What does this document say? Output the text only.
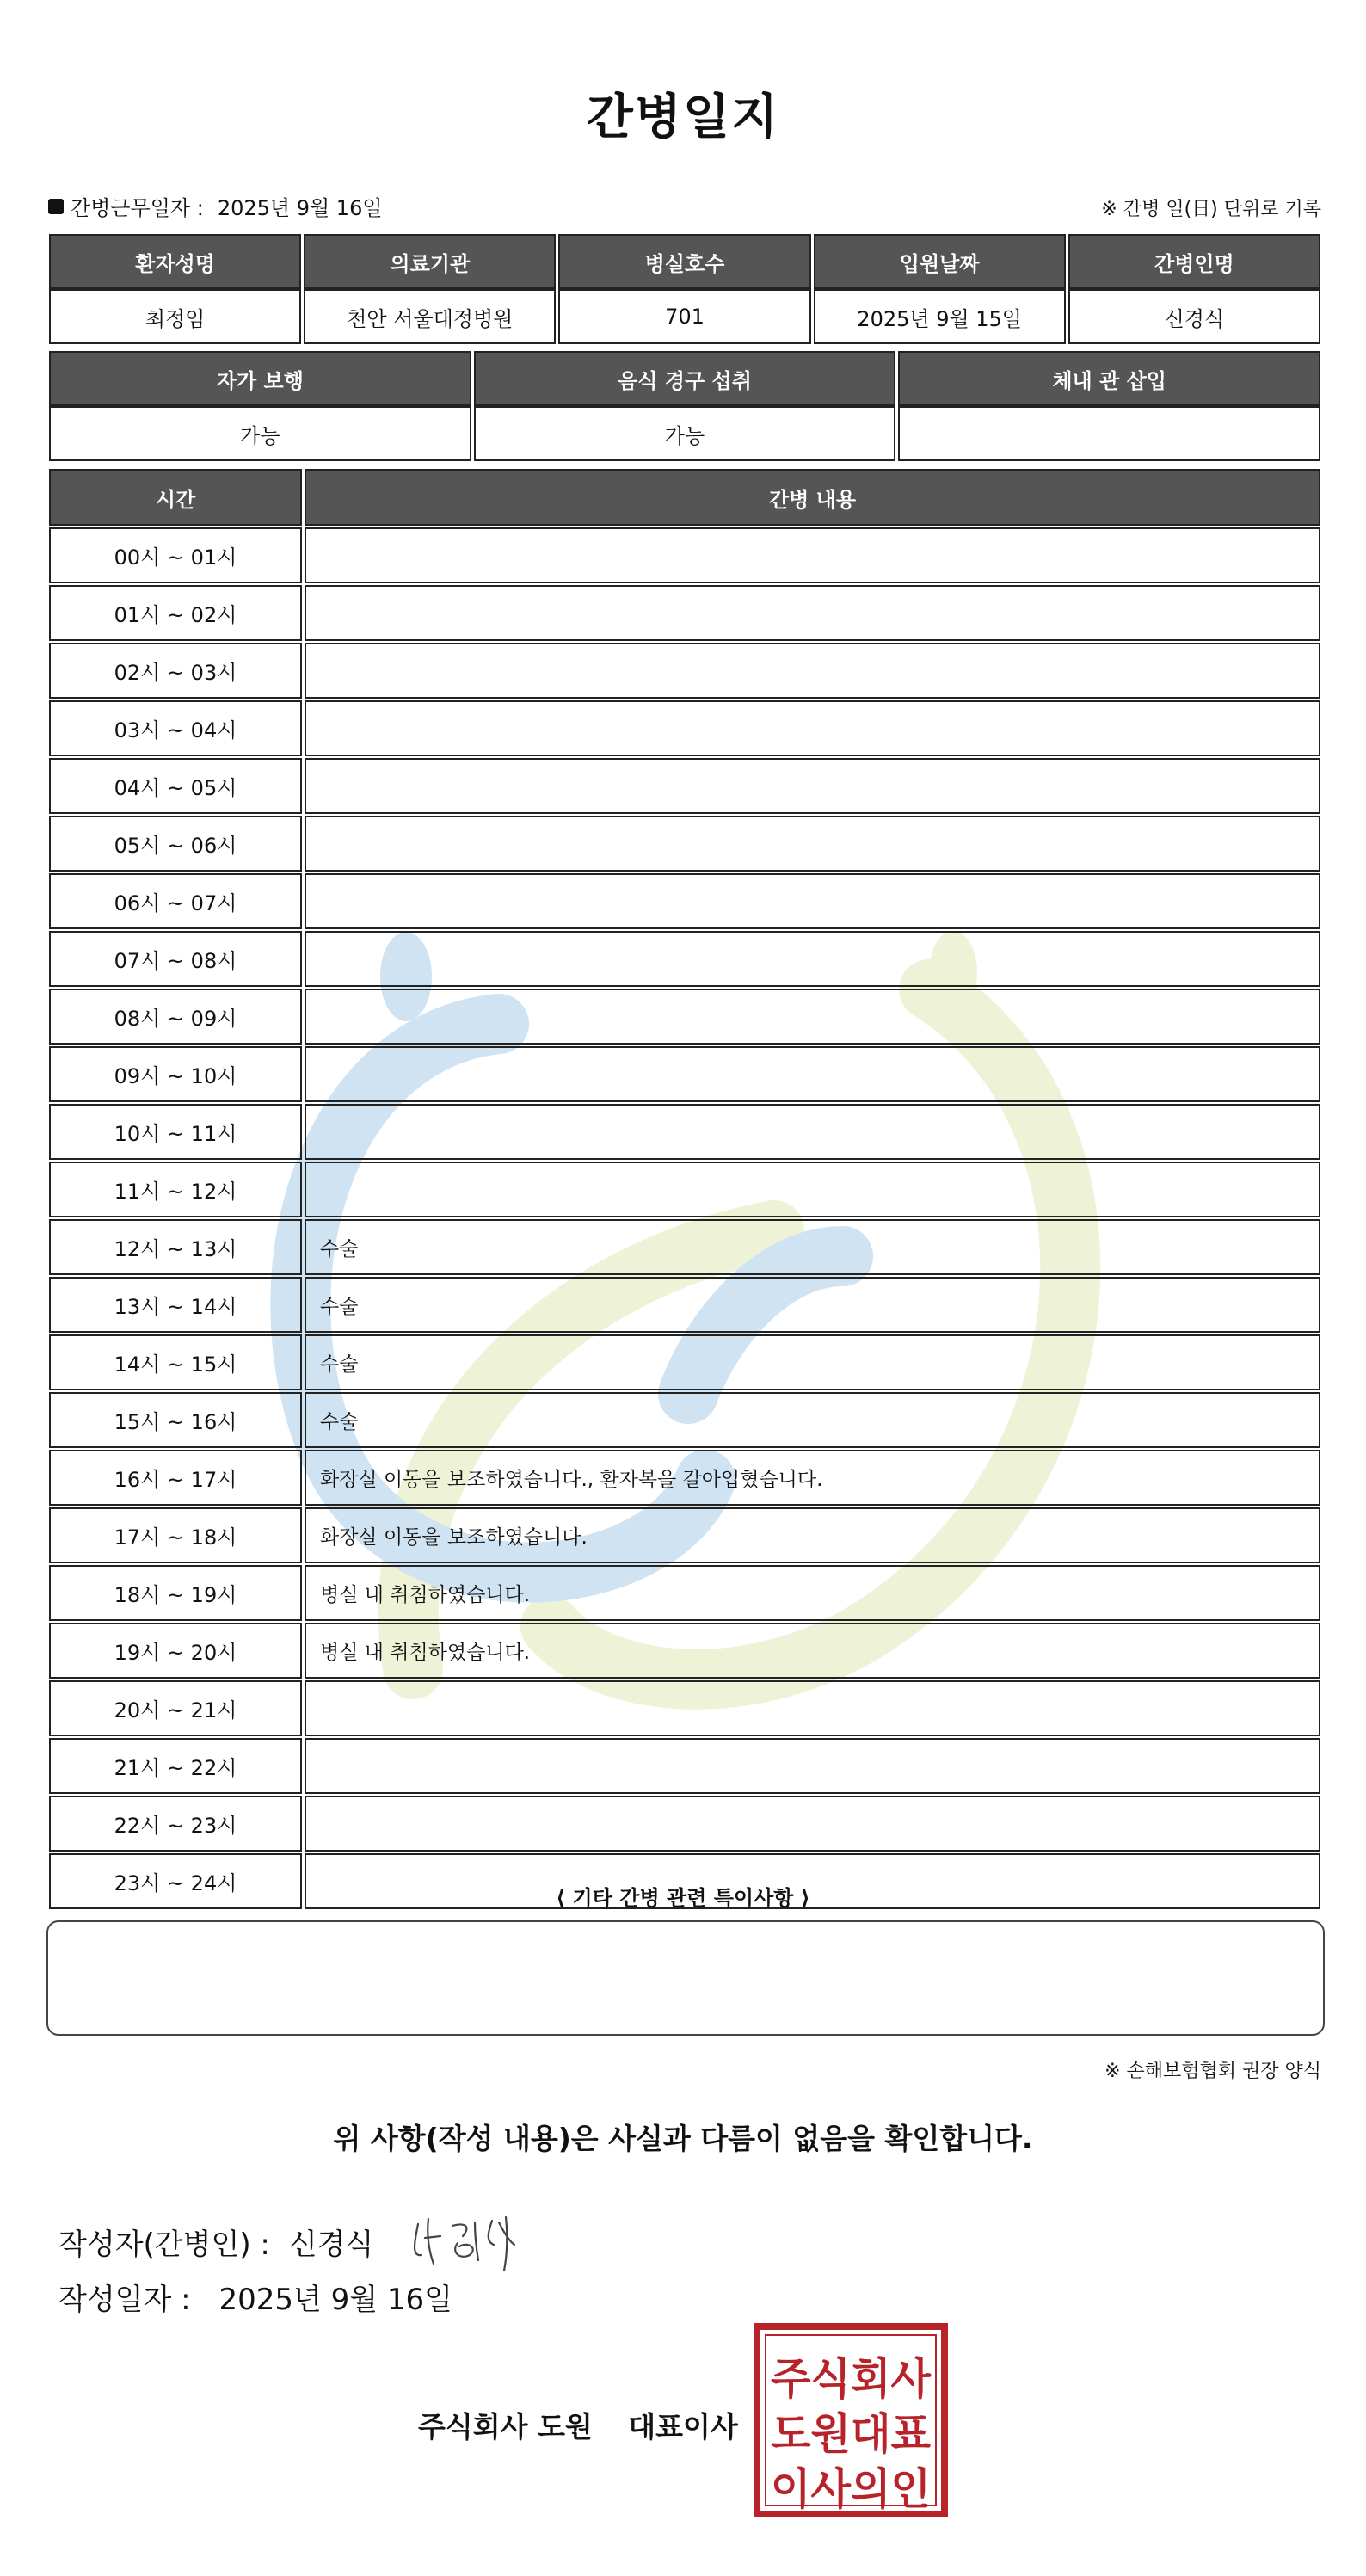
간병일지
간병근무일자 : 2025년 9월 16일	※ 간병 일(日) 단위로 기록
환자성명	의료기관	병실호수	입원날짜	간병인명
최정임	천안 서울대정병원	701	2025년 9월 15일	신경식
자가 보행	음식 경구 섭취	체내 관 삽입
가능	가능	
시간	간병 내용
00시 ~ 01시	
01시 ~ 02시	
02시 ~ 03시	
03시 ~ 04시	
04시 ~ 05시	
05시 ~ 06시	
06시 ~ 07시	
07시 ~ 08시	
08시 ~ 09시	
09시 ~ 10시	
10시 ~ 11시	
11시 ~ 12시	
12시 ~ 13시	수술
13시 ~ 14시	수술
14시 ~ 15시	수술
15시 ~ 16시	수술
16시 ~ 17시	화장실 이동을 보조하였습니다., 환자복을 갈아입혔습니다.
17시 ~ 18시	화장실 이동을 보조하였습니다.
18시 ~ 19시	병실 내 취침하였습니다.
19시 ~ 20시	병실 내 취침하였습니다.
20시 ~ 21시	
21시 ~ 22시	
22시 ~ 23시	
23시 ~ 24시	
⟨ 기타 간병 관련 특이사항 ⟩
※ 손해보험협회 권장 양식
위 사항(작성 내용)은 사실과 다름이 없음을 확인합니다.
작성자(간병인) : 신경식
작성일자 : 2025년 9월 16일
주식회사 도원 대표이사
주식회사
도원대표
이사의인
